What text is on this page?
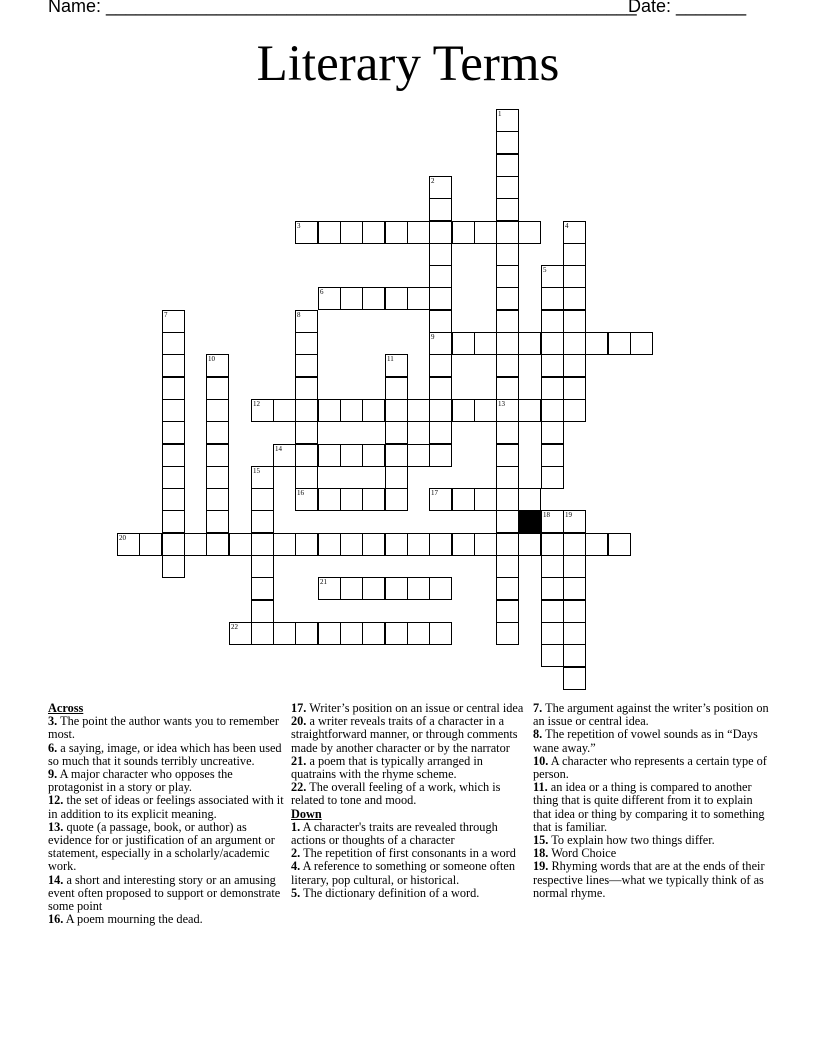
Name: _____________________________________________________
Date: _______
Literary Terms
1
13
2
9
3	4
5
6
7	8
16
10	11
12
14
15
17
18 19
20
21
22

Across

3. The point the author wants you to remember most.

6. a saying, image, or idea which has been used so much that it sounds terribly uncreative.

9. A major character who opposes the protagonist in a story or play.

12. the set of ideas or feelings associated with it in addition to its explicit meaning.

13. quote (a passage, book, or author) as evidence for or justification of an argument or statement, especially in a scholarly/academic work.

14. a short and interesting story or an amusing event often proposed to support or demonstrate some point

16. A poem mourning the dead.

17. Writer’s position on an issue or central idea

20. a writer reveals traits of a character in a straightforward manner, or through comments made by another character or by the narrator

21. a poem that is typically arranged in quatrains with the rhyme scheme.

22. The overall feeling of a work, which is related to tone and mood.

Down

1. A character's traits are revealed through actions or thoughts of a character

2. The repetition of first consonants in a word

4. A reference to something or someone often literary, pop cultural, or historical.

5. The dictionary definition of a word.

7. The argument against the writer’s position on an issue or central idea.

8. The repetition of vowel sounds as in “Days wane away.”

10. A character who represents a certain type of person.

11. an idea or a thing is compared to another thing that is quite different from it to explain that idea or thing by comparing it to something that is familiar.

15. To explain how two things differ.

18. Word Choice

19. Rhyming words that are at the ends of their respective lines—what we typically think of as normal rhyme.
